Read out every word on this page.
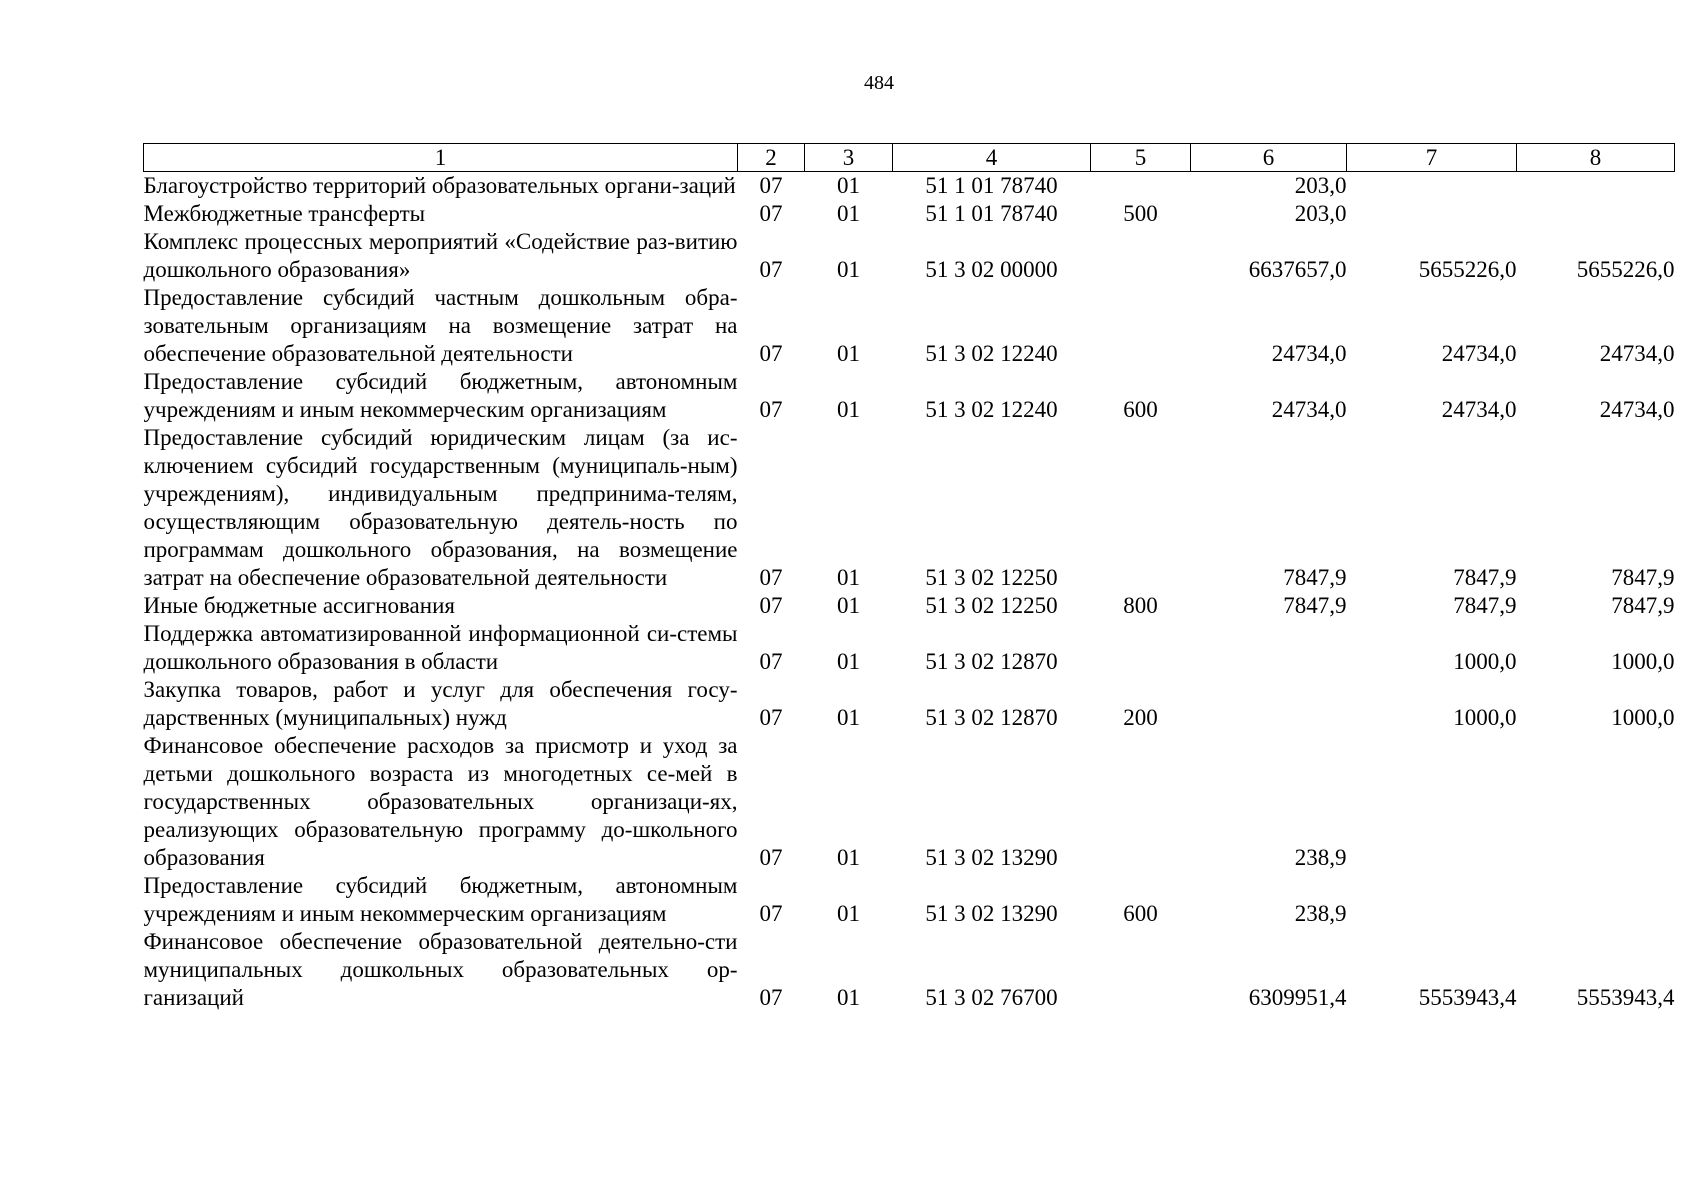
484
1	2	3	4	5	6	7	8
Благоустройство территорий образовательных органи-заций	07	01	51 1 01 78740		203,0		
Межбюджетные трансферты	07	01	51 1 01 78740	500	203,0		
Комплекс процессных мероприятий «Содействие раз-витию дошкольного образования»	07	01	51 3 02 00000		6637657,0	5655226,0	5655226,0
Предоставление субсидий частным дошкольным обра-зовательным организациям на возмещение затрат на обеспечение образовательной деятельности	07	01	51 3 02 12240		24734,0	24734,0	24734,0
Предоставление субсидий бюджетным, автономным учреждениям и иным некоммерческим организациям	07	01	51 3 02 12240	600	24734,0	24734,0	24734,0
Предоставление субсидий юридическим лицам (за ис-ключением субсидий государственным (муниципаль-ным) учреждениям), индивидуальным предпринима-телям, осуществляющим образовательную деятель-ность по программам дошкольного образования, на возмещение затрат на обеспечение образовательной деятельности	07	01	51 3 02 12250		7847,9	7847,9	7847,9
Иные бюджетные ассигнования	07	01	51 3 02 12250	800	7847,9	7847,9	7847,9
Поддержка автоматизированной информационной си-стемы дошкольного образования в области	07	01	51 3 02 12870			1000,0	1000,0
Закупка товаров, работ и услуг для обеспечения госу-дарственных (муниципальных) нужд	07	01	51 3 02 12870	200		1000,0	1000,0
Финансовое обеспечение расходов за присмотр и уход за детьми дошкольного возраста из многодетных се-мей в государственных образовательных организаци-ях, реализующих образовательную программу до-школьного образования	07	01	51 3 02 13290		238,9		
Предоставление субсидий бюджетным, автономным учреждениям и иным некоммерческим организациям	07	01	51 3 02 13290	600	238,9		
Финансовое обеспечение образовательной деятельно-сти муниципальных дошкольных образовательных ор-ганизаций	07	01	51 3 02 76700		6309951,4	5553943,4	5553943,4
